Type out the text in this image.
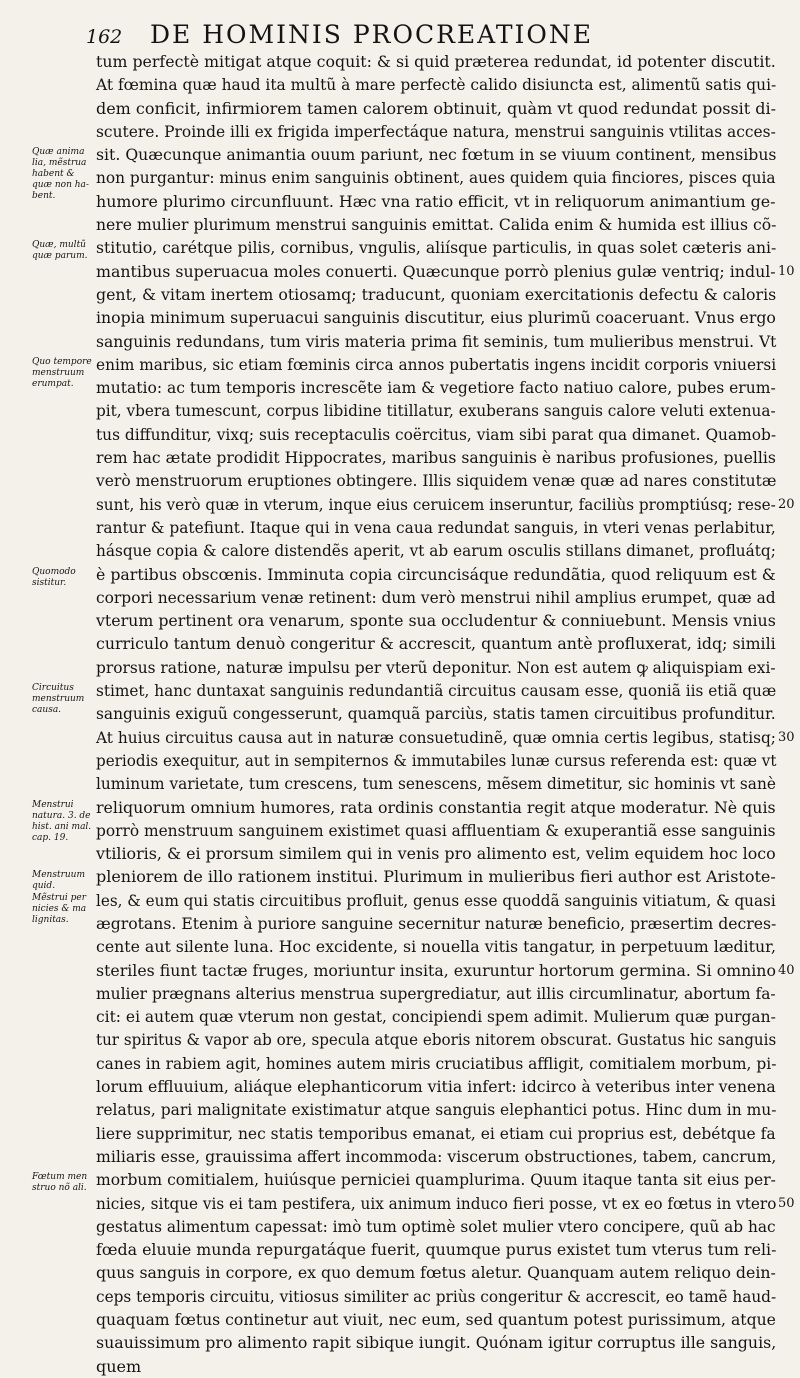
162 DE HOMINIS PROCREATIONE
Quæ anima lia, mẽstrua habent & quæ non ha- bent.
Quæ, multũ quæ parum.
Quo tempore menstruum erumpat.
Quomodo sistitur.
Circuitus menstruum causa.
Menstrui natura. 3. de hist. ani mal. cap. 19.
Menstruum quid.
Mẽstrui per nicies & ma lignitas.
Fœtum men struo nõ ali.
tum perfectè mitigat atque coquit: & si quid præterea redundat, id potenter discutit.
At fœmina quæ haud ita multũ à mare perfectè calido disiuncta est, alimentũ satis qui-
dem conficit, infirmiorem tamen calorem obtinuit, quàm vt quod redundat possit di-
scutere. Proinde illi ex frigida imperfectáque natura, menstrui sanguinis vtilitas acces-
sit. Quæcunque animantia ouum pariunt, nec fœtum in se viuum continent, mensibus
non purgantur: minus enim sanguinis obtinent, aues quidem quia finciores, pisces quia
humore plurimo circunfluunt. Hæc vna ratio efficit, vt in reliquorum animantium ge-
nere mulier plurimum menstrui sanguinis emittat. Calida enim & humida est illius cõ-
stitutio, carétque pilis, cornibus, vngulis, aliísque particulis, in quas solet cæteris ani-
mantibus superuacua moles conuerti. Quæcunque porrò plenius gulæ ventriq; indul-
gent, & vitam inertem otiosamq; traducunt, quoniam exercitationis defectu & caloris
inopia minimum superuacui sanguinis discutitur, eius plurimũ coaceruant. Vnus ergo
sanguinis redundans, tum viris materia prima fit seminis, tum mulieribus menstrui. Vt
enim maribus, sic etiam fœminis circa annos pubertatis ingens incidit corporis vniuersi
mutatio: ac tum temporis increscẽte iam & vegetiore facto natiuo calore, pubes erum-
pit, vbera tumescunt, corpus libidine titillatur, exuberans sanguis calore veluti extenua-
tus diffunditur, vixq; suis receptaculis coërcitus, viam sibi parat qua dimanet. Quamob-
rem hac ætate prodidit Hippocrates, maribus sanguinis è naribus profusiones, puellis
verò menstruorum eruptiones obtingere. Illis siquidem venæ quæ ad nares constitutæ
sunt, his verò quæ in vterum, inque eius ceruicem inseruntur, faciliùs promptiúsq; rese-
rantur & patefiunt. Itaque qui in vena caua redundat sanguis, in vteri venas perlabitur,
hásque copia & calore distendẽs aperit, vt ab earum osculis stillans dimanet, profluátq;
è partibus obscœnis. Imminuta copia circuncisáque redundãtia, quod reliquum est &
corpori necessarium venæ retinent: dum verò menstrui nihil amplius erumpet, quæ ad
vterum pertinent ora venarum, sponte sua occludentur & conniuebunt. Mensis vnius
curriculo tantum denuò congeritur & accrescit, quantum antè profluxerat, idq; simili
prorsus ratione, naturæ impulsu per vterũ deponitur. Non est autem ꝙ aliquispiam exi-
stimet, hanc duntaxat sanguinis redundantiã circuitus causam esse, quoniã iis etiã quæ
sanguinis exiguũ congesserunt, quamquã parciùs, statis tamen circuitibus profunditur.
At huius circuitus causa aut in naturæ consuetudinẽ, quæ omnia certis legibus, statisq;
periodis exequitur, aut in sempiternos & immutabiles lunæ cursus referenda est: quæ vt
luminum varietate, tum crescens, tum senescens, mẽsem dimetitur, sic hominis vt sanè
reliquorum omnium humores, rata ordinis constantia regit atque moderatur. Nè quis
porrò menstruum sanguinem existimet quasi affluentiam & exuperantiã esse sanguinis
vtilioris, & ei prorsum similem qui in venis pro alimento est, velim equidem hoc loco
pleniorem de illo rationem institui. Plurimum in mulieribus fieri author est Aristote-
les, & eum qui statis circuitibus profluit, genus esse quoddã sanguinis vitiatum, & quasi
ægrotans. Etenim à puriore sanguine secernitur naturæ beneficio, præsertim decres-
cente aut silente luna. Hoc excidente, si nouella vitis tangatur, in perpetuum læditur,
steriles fiunt tactæ fruges, moriuntur insita, exuruntur hortorum germina. Si omnino
mulier prægnans alterius menstrua supergrediatur, aut illis circumlinatur, abortum fa-
cit: ei autem quæ vterum non gestat, concipiendi spem adimit. Mulierum quæ purgan-
tur spiritus & vapor ab ore, specula atque eboris nitorem obscurat. Gustatus hic sanguis
canes in rabiem agit, homines autem miris cruciatibus affligit, comitialem morbum, pi-
lorum effluuium, aliáque elephanticorum vitia infert: idcirco à veteribus inter venena
relatus, pari malignitate existimatur atque sanguis elephantici potus. Hinc dum in mu-
liere supprimitur, nec statis temporibus emanat, ei etiam cui proprius est, debétque fa
miliaris esse, grauissima affert incommoda: viscerum obstructiones, tabem, cancrum,
morbum comitialem, huiúsque perniciei quamplurima. Quum itaque tanta sit eius per-
nicies, sitque vis ei tam pestifera, uix animum induco fieri posse, vt ex eo fœtus in vtero
gestatus alimentum capessat: imò tum optimè solet mulier vtero concipere, quũ ab hac
fœda eluuie munda repurgatáque fuerit, quumque purus existet tum vterus tum reli-
quus sanguis in corpore, ex quo demum fœtus aletur. Quanquam autem reliquo dein-
ceps temporis circuitu, vitiosus similiter ac priùs congeritur & accrescit, eo tamẽ haud-
quaquam fœtus continetur aut viuit, nec eum, sed quantum potest purissimum, atque
suauissimum pro alimento rapit sibique iungit. Quónam igitur corruptus ille sanguis,
quem
10
20
30
40
50
